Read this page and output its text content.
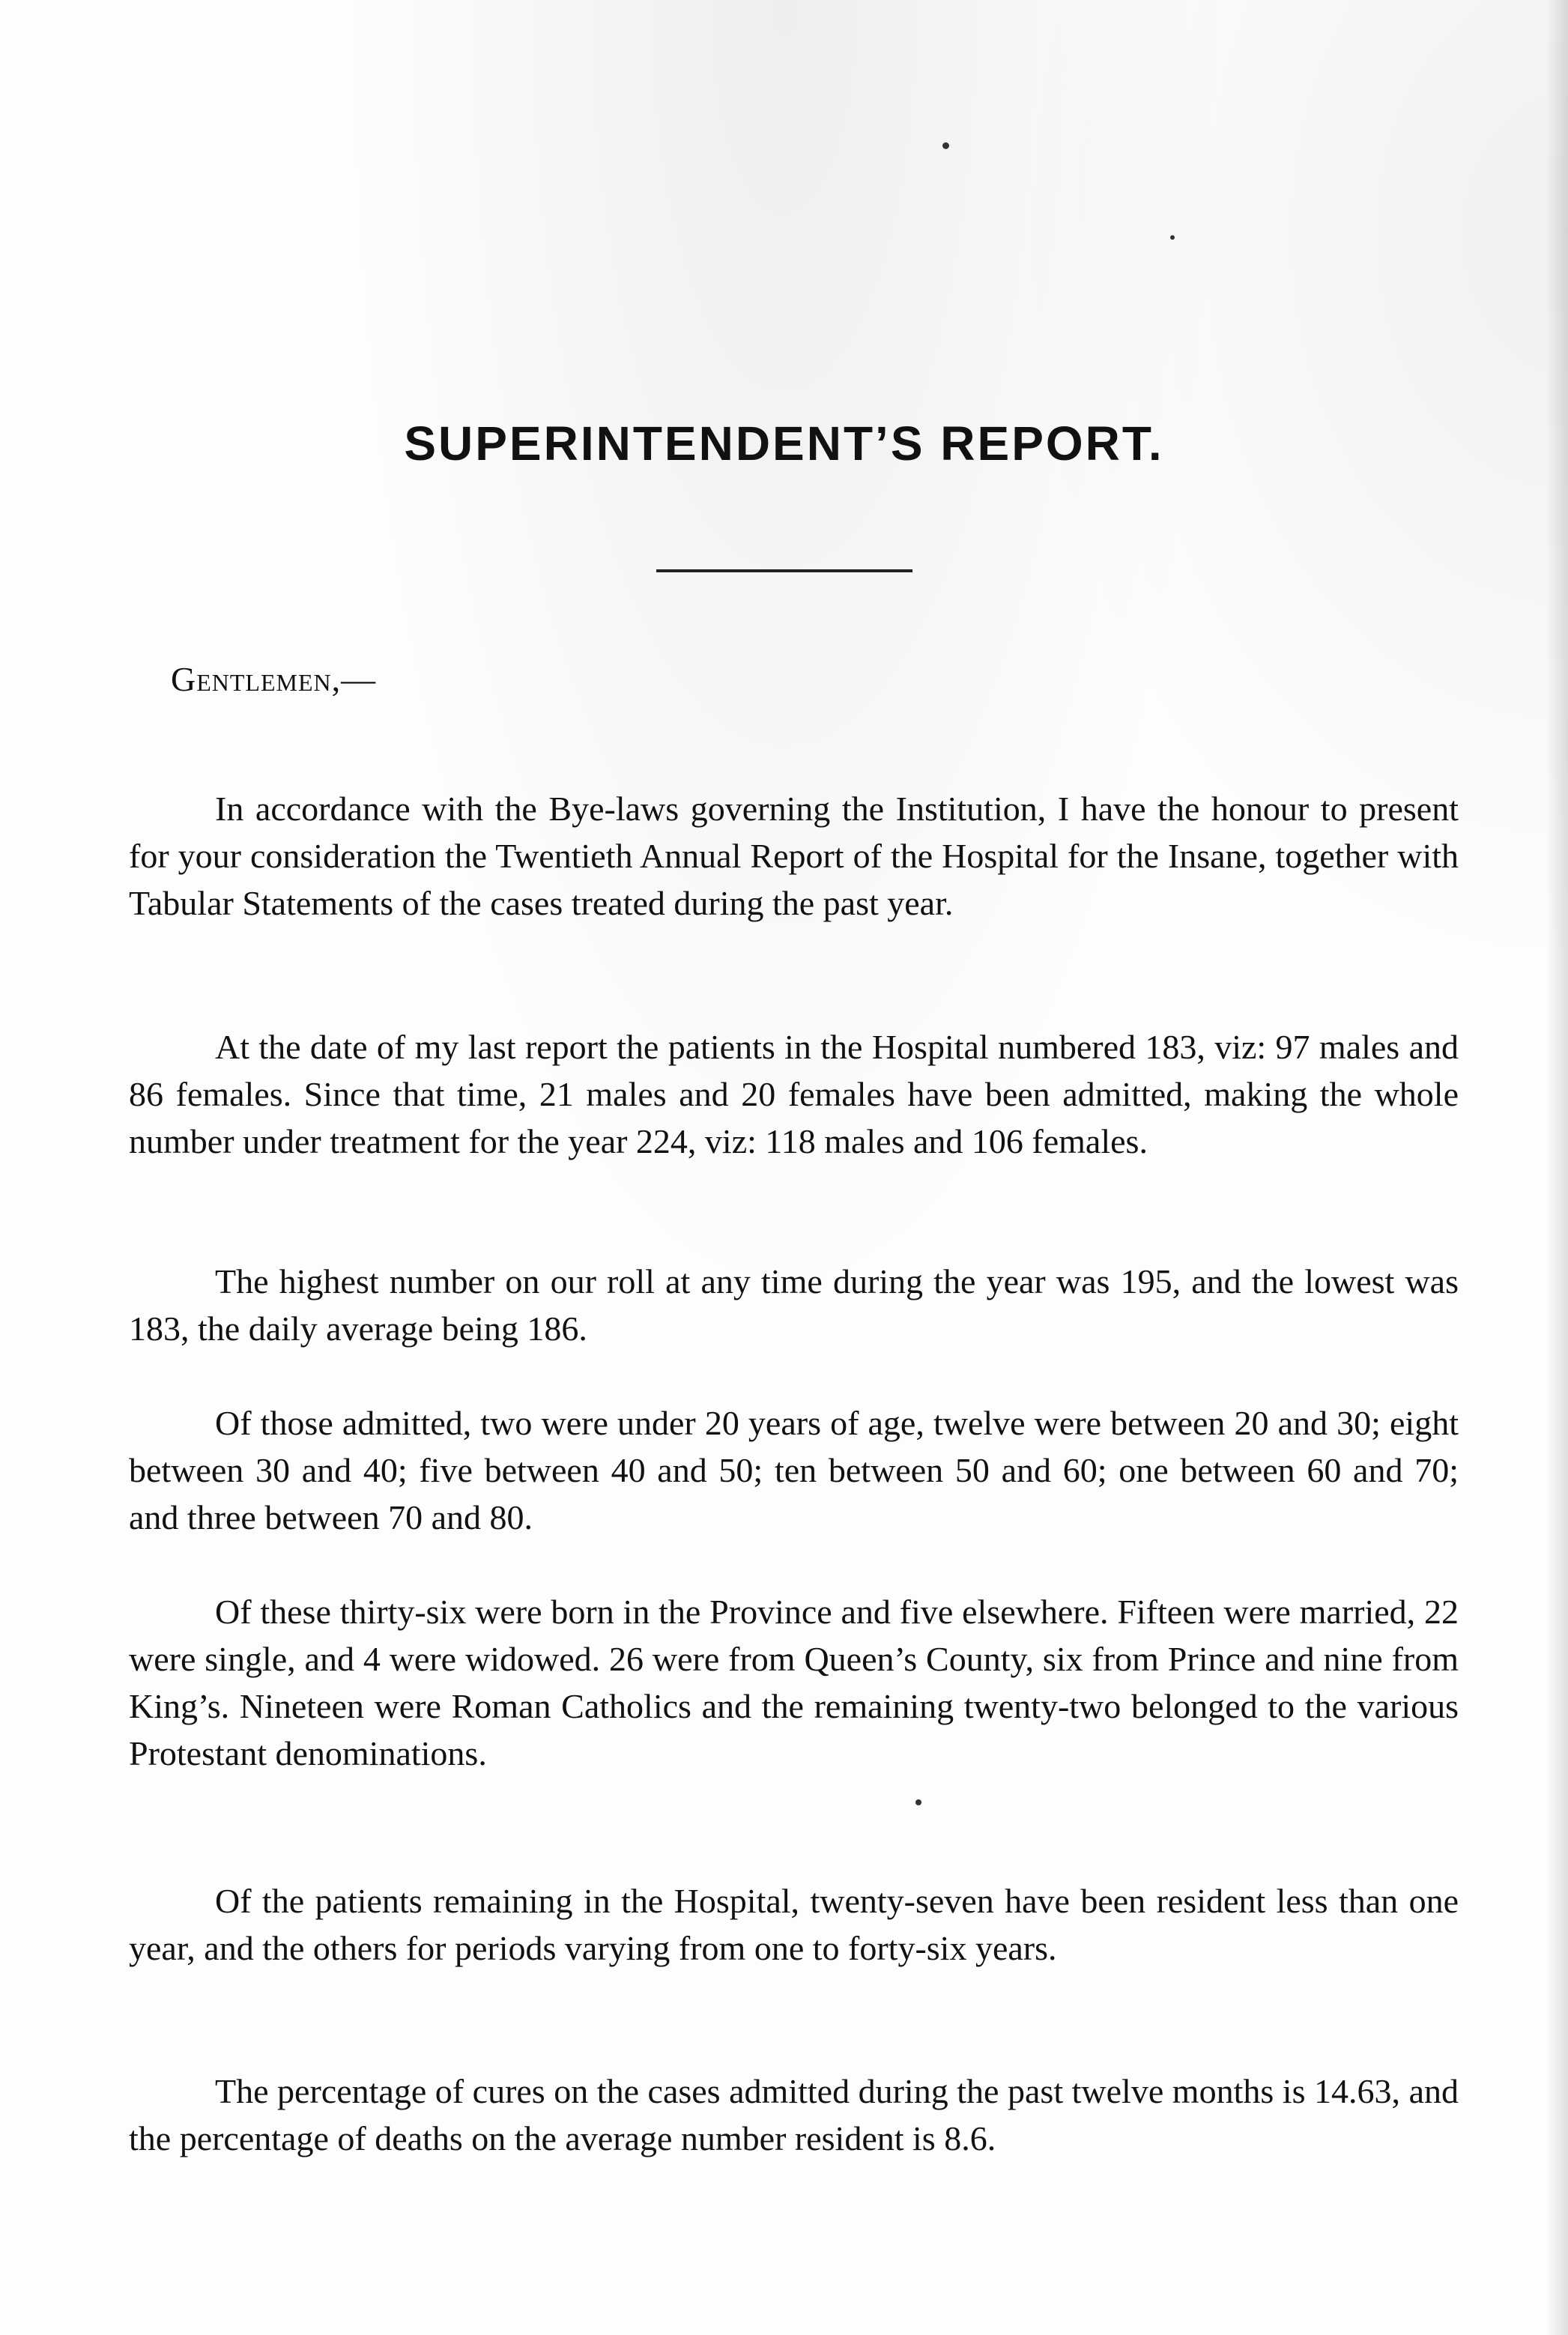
SUPERINTENDENT’S REPORT.
Gentlemen,—

In accordance with the Bye-laws governing the Institution, I have the honour to present for your consideration the Twentieth Annual Report of the Hospital for the Insane, together with Tabular Statements of the cases treated during the past year.

At the date of my last report the patients in the Hospital numbered 183, viz: 97 males and 86 females. Since that time, 21 males and 20 females have been admitted, making the whole number under treatment for the year 224, viz: 118 males and 106 females.

The highest number on our roll at any time during the year was 195, and the lowest was 183, the daily average being 186.

Of those admitted, two were under 20 years of age, twelve were between 20 and 30; eight between 30 and 40; five between 40 and 50; ten between 50 and 60; one between 60 and 70; and three between 70 and 80.

Of these thirty-six were born in the Province and five elsewhere. Fifteen were married, 22 were single, and 4 were widowed. 26 were from Queen’s County, six from Prince and nine from King’s. Nineteen were Roman Catholics and the remaining twenty-two belonged to the various Protestant denominations.

Of the patients remaining in the Hospital, twenty-seven have been resident less than one year, and the others for periods varying from one to forty-six years.

The percentage of cures on the cases admitted during the past twelve months is 14.63, and the percentage of deaths on the average number resident is 8.6.
